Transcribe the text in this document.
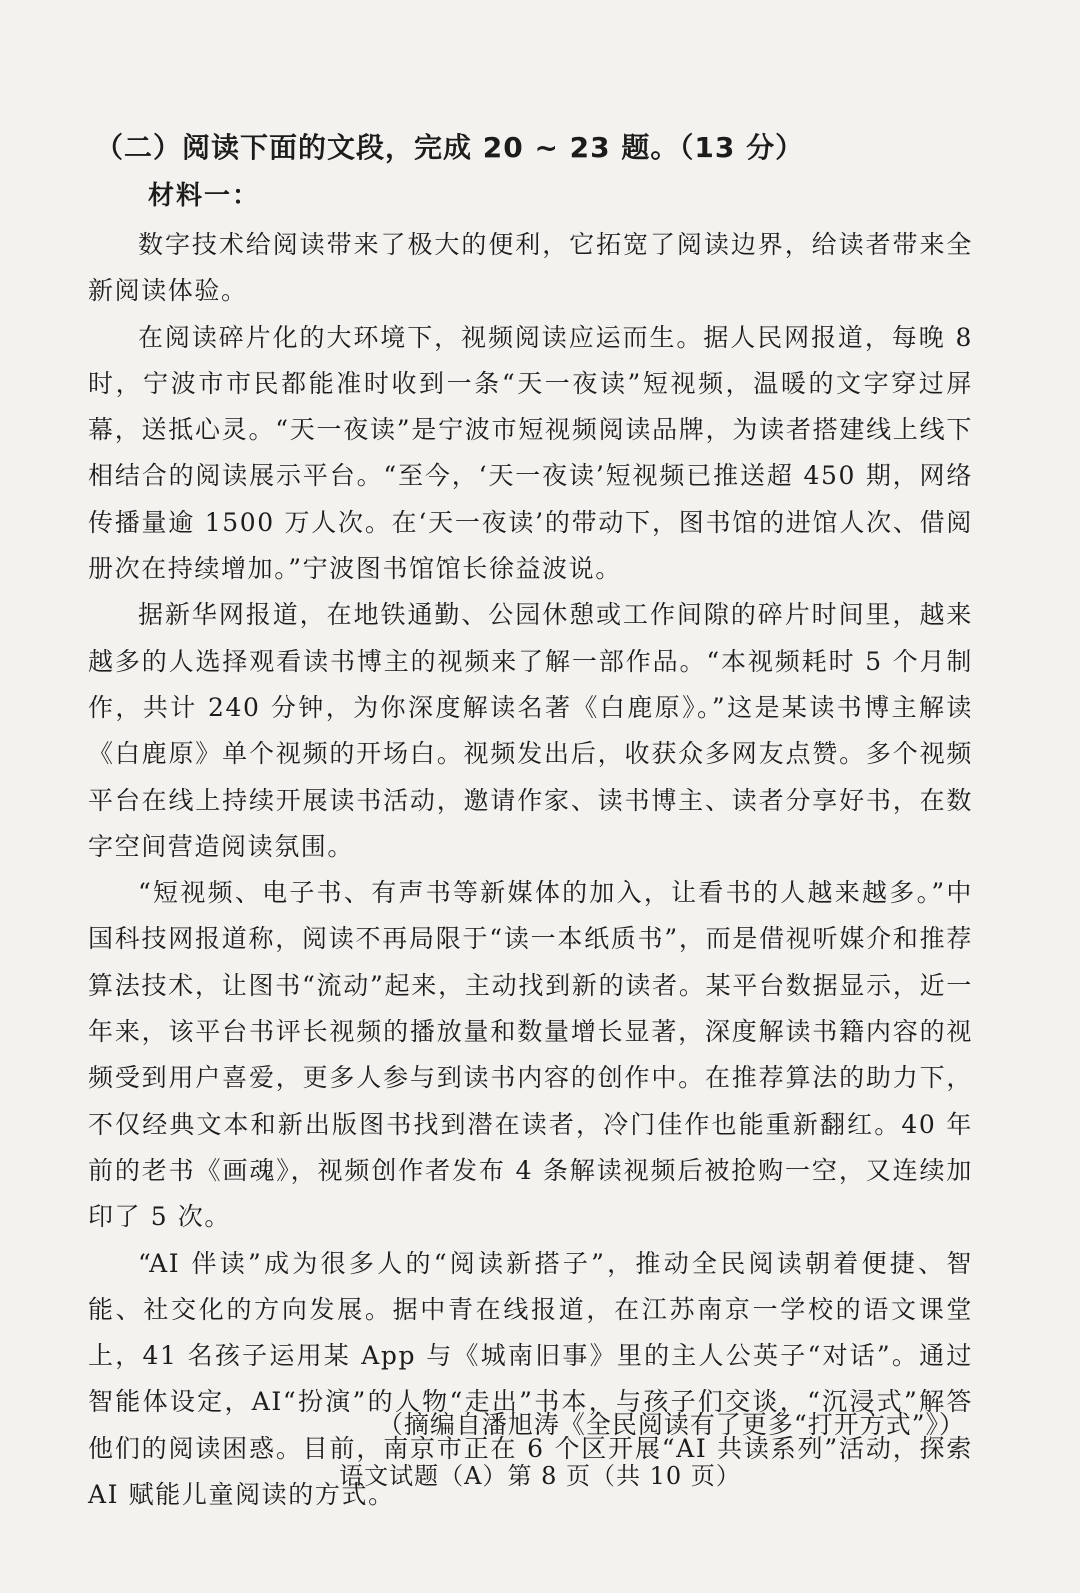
（二）阅读下面的文段，完成 20 ~ 23 题。（13 分）
材料一：

数字技术给阅读带来了极大的便利，它拓宽了阅读边界，给读者带来全新阅读体验。

在阅读碎片化的大环境下，视频阅读应运而生。据人民网报道，每晚 8 时，宁波市市民都能准时收到一条“天一夜读”短视频，温暖的文字穿过屏幕，送抵心灵。“天一夜读”是宁波市短视频阅读品牌，为读者搭建线上线下相结合的阅读展示平台。“至今，‘天一夜读’短视频已推送超 450 期，网络传播量逾 1500 万人次。在‘天一夜读’的带动下，图书馆的进馆人次、借阅册次在持续增加。”宁波图书馆馆长徐益波说。

据新华网报道，在地铁通勤、公园休憩或工作间隙的碎片时间里，越来越多的人选择观看读书博主的视频来了解一部作品。“本视频耗时 5 个月制作，共计 240 分钟，为你深度解读名著《白鹿原》。”这是某读书博主解读《白鹿原》单个视频的开场白。视频发出后，收获众多网友点赞。多个视频平台在线上持续开展读书活动，邀请作家、读书博主、读者分享好书，在数字空间营造阅读氛围。

“短视频、电子书、有声书等新媒体的加入，让看书的人越来越多。”中国科技网报道称，阅读不再局限于“读一本纸质书”，而是借视听媒介和推荐算法技术，让图书“流动”起来，主动找到新的读者。某平台数据显示，近一年来，该平台书评长视频的播放量和数量增长显著，深度解读书籍内容的视频受到用户喜爱，更多人参与到读书内容的创作中。在推荐算法的助力下，不仅经典文本和新出版图书找到潜在读者，冷门佳作也能重新翻红。40 年前的老书《画魂》，视频创作者发布 4 条解读视频后被抢购一空，又连续加印了 5 次。

“AI 伴读”成为很多人的“阅读新搭子”，推动全民阅读朝着便捷、智能、社交化的方向发展。据中青在线报道，在江苏南京一学校的语文课堂上，41 名孩子运用某 App 与《城南旧事》里的主人公英子“对话”。通过智能体设定，AI“扮演”的人物“走出”书本，与孩子们交谈，“沉浸式”解答他们的阅读困惑。目前，南京市正在 6 个区开展“AI 共读系列”活动，探索 AI 赋能儿童阅读的方式。

（摘编自潘旭涛《全民阅读有了更多“打开方式”》）
语文试题（A）第 8 页（共 10 页）
